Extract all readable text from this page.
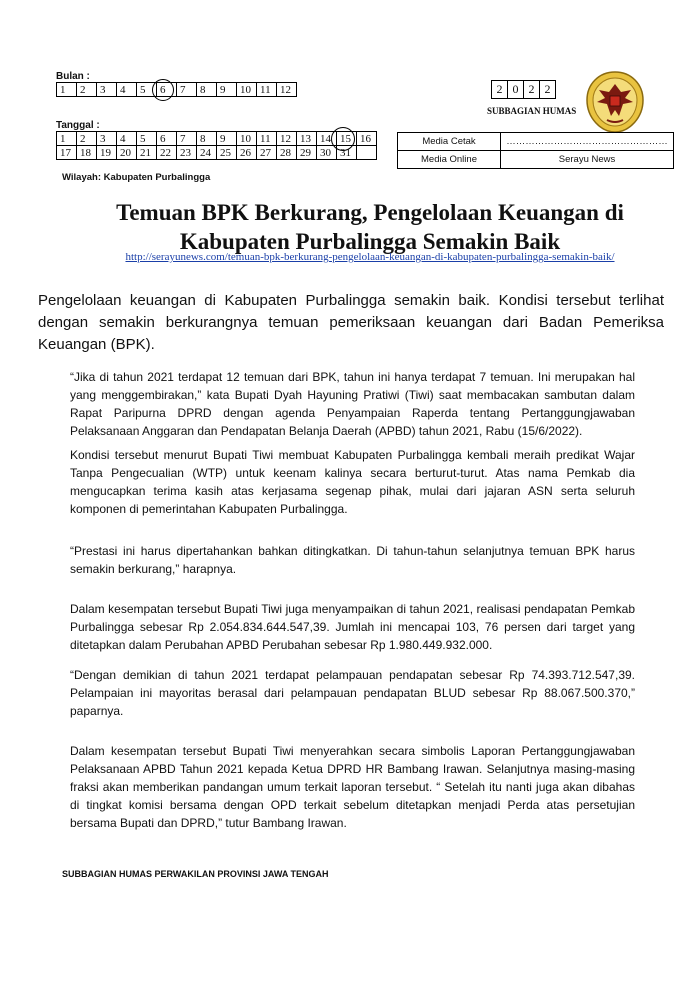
Bulan :
1	2	3	4	5	6	7	8	9	10	11	12
Tanggal :
1	2	3	4	5	6	7	8	9	10	11	12	13	14	15	16
17	18	19	20	21	22	23	24	25	26	27	28	29	30	31	
2	0	2	2
SUBBAGIAN HUMAS
Media Cetak	……………………………………………
Media Online	Serayu News
Wilayah: Kabupaten Purbalingga
Temuan BPK Berkurang, Pengelolaan Keuangan di
Kabupaten Purbalingga Semakin Baik
http://serayunews.com/temuan-bpk-berkurang-pengelolaan-keuangan-di-kabupaten-purbalingga-semakin-baik/
Pengelolaan keuangan di Kabupaten Purbalingga semakin baik. Kondisi tersebut terlihat dengan semakin berkurangnya temuan pemeriksaan keuangan dari Badan Pemeriksa Keuangan (BPK).
“Jika di tahun 2021 terdapat 12 temuan dari BPK, tahun ini hanya terdapat 7 temuan. Ini merupakan hal yang menggembirakan,” kata Bupati Dyah Hayuning Pratiwi (Tiwi) saat membacakan sambutan dalam Rapat Paripurna DPRD dengan agenda Penyampaian Raperda tentang Pertanggungjawaban Pelaksanaan Anggaran dan Pendapatan Belanja Daerah (APBD) tahun 2021, Rabu (15/6/2022).
Kondisi tersebut menurut Bupati Tiwi membuat Kabupaten Purbalingga kembali meraih predikat Wajar Tanpa Pengecualian (WTP) untuk keenam kalinya secara berturut-turut. Atas nama Pemkab dia mengucapkan terima kasih atas kerjasama segenap pihak, mulai dari jajaran ASN serta seluruh komponen di pemerintahan Kabupaten Purbalingga.
“Prestasi ini harus dipertahankan bahkan ditingkatkan. Di tahun-tahun selanjutnya temuan BPK harus semakin berkurang,” harapnya.
Dalam kesempatan tersebut Bupati Tiwi juga menyampaikan di tahun 2021, realisasi pendapatan Pemkab Purbalingga sebesar Rp 2.054.834.644.547,39. Jumlah ini mencapai 103, 76 persen dari target yang ditetapkan dalam Perubahan APBD Perubahan sebesar Rp 1.980.449.932.000.
“Dengan demikian di tahun 2021 terdapat pelampauan pendapatan sebesar Rp 74.393.712.547,39. Pelampaian ini mayoritas berasal dari pelampauan pendapatan BLUD sebesar Rp 88.067.500.370,” paparnya.
Dalam kesempatan tersebut Bupati Tiwi menyerahkan secara simbolis Laporan Pertanggungjawaban Pelaksanaan APBD Tahun 2021 kepada Ketua DPRD HR Bambang Irawan. Selanjutnya masing-masing fraksi akan memberikan pandangan umum terkait laporan tersebut. “ Setelah itu nanti juga akan dibahas di tingkat komisi bersama dengan OPD terkait sebelum ditetapkan menjadi Perda atas persetujian bersama Bupati dan DPRD,” tutur Bambang Irawan.
SUBBAGIAN HUMAS PERWAKILAN PROVINSI JAWA TENGAH
